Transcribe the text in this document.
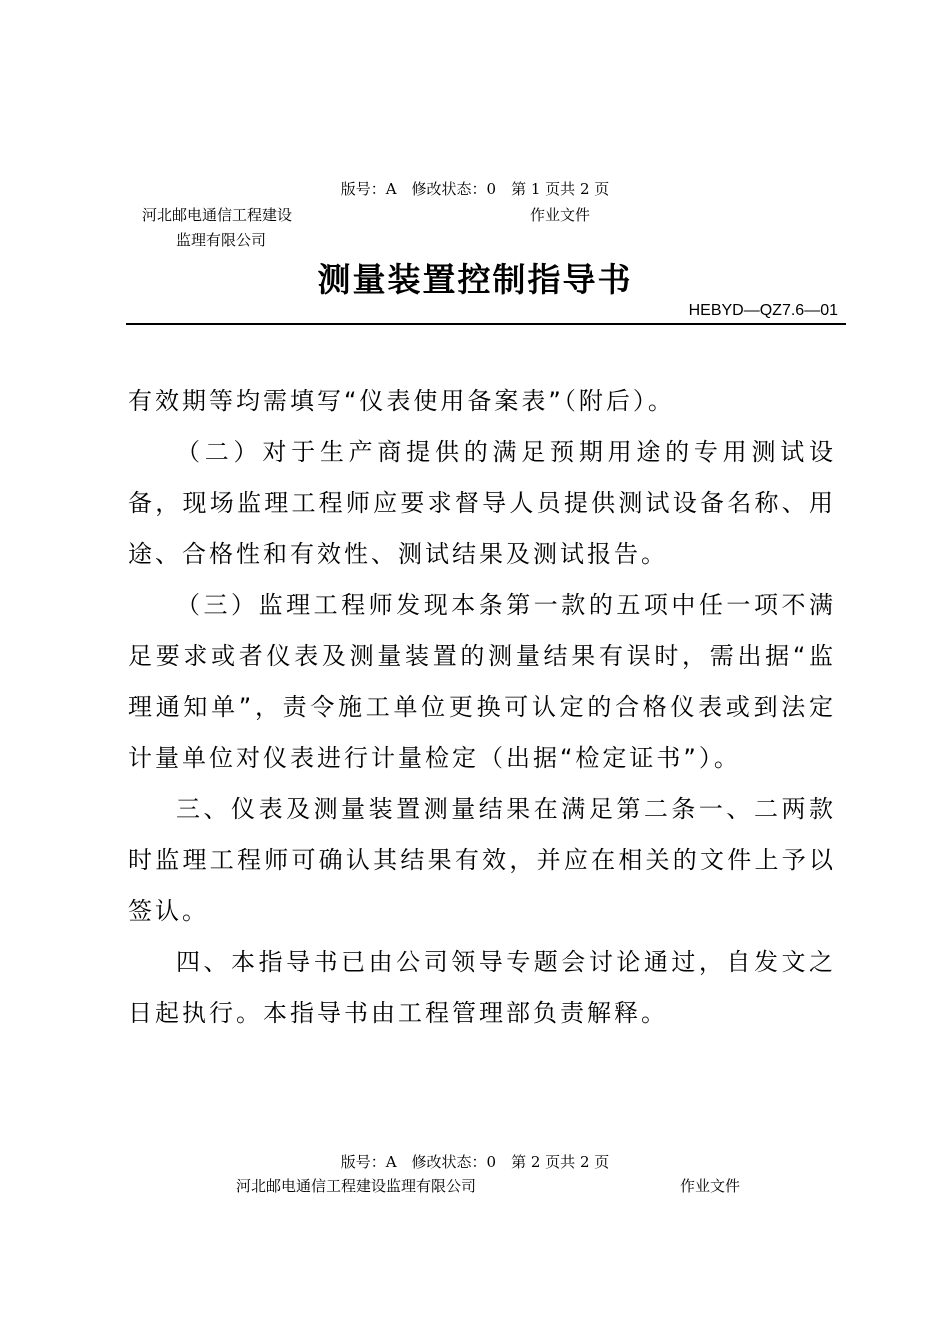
版号：A　修改状态：0　第 1 页共 2 页
河北邮电通信工程建设
监理有限公司
作业文件
测量装置控制指导书
HEBYD—QZ7.6—01

有效期等均需填写“仪表使用备案表”（附后）。

（二）对于生产商提供的满足预期用途的专用测试设备，现场监理工程师应要求督导人员提供测试设备名称、用途、合格性和有效性、测试结果及测试报告。

（三）监理工程师发现本条第一款的五项中任一项不满足要求或者仪表及测量装置的测量结果有误时，需出据“监理通知单”，责令施工单位更换可认定的合格仪表或到法定计量单位对仪表进行计量检定（出据“检定证书”）。

三、仪表及测量装置测量结果在满足第二条一、二两款时监理工程师可确认其结果有效，并应在相关的文件上予以签认。

四、本指导书已由公司领导专题会讨论通过，自发文之日起执行。本指导书由工程管理部负责解释。

版号：A　修改状态：0　第 2 页共 2 页
河北邮电通信工程建设监理有限公司	作业文件
